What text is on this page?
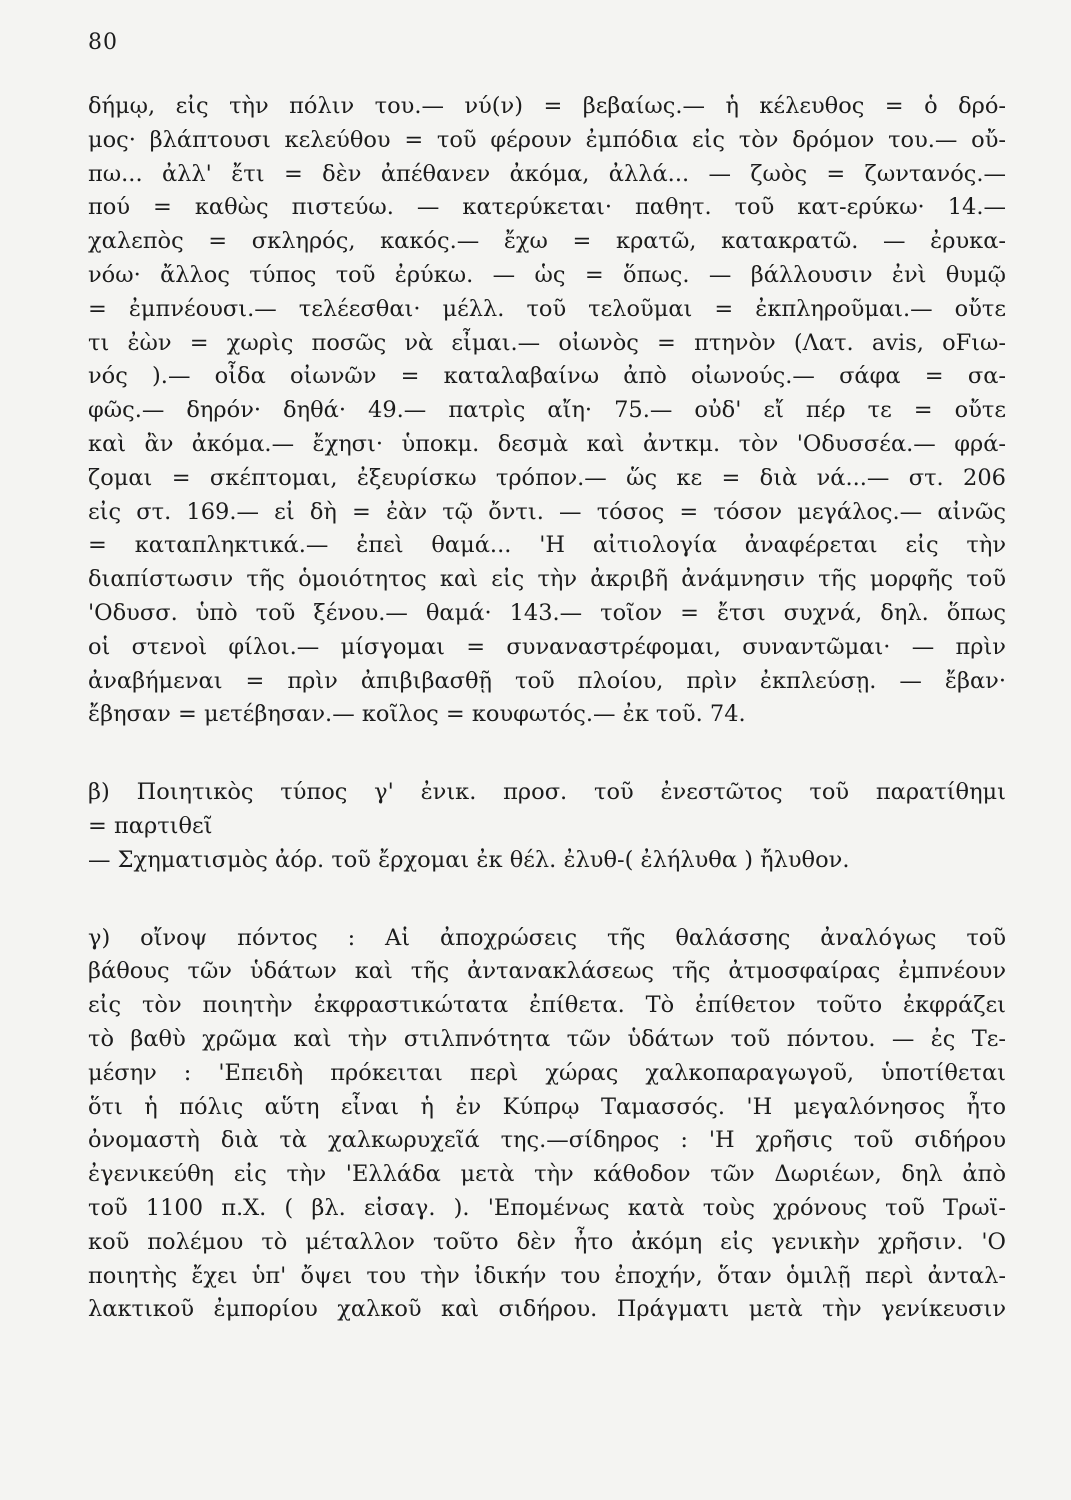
80
δήμῳ, εἰς τὴν πόλιν του.— νύ(ν) = βεβαίως.— ἡ κέλευθος = ὁ δρό-
μος· βλάπτουσι κελεύθου = τοῦ φέρουν ἐμπόδια εἰς τὸν δρόμον του.— οὔ-
πω... ἀλλ' ἔτι = δὲν ἀπέθανεν ἀκόμα, ἀλλά... — ζωὸς = ζωντανός.—
πού = καθὼς πιστεύω. — κατερύκεται· παθητ. τοῦ κατ-ερύκω· 14.—
χαλεπὸς = σκληρός, κακός.— ἔχω = κρατῶ, κατακρατῶ. — ἐρυκα-
νόω· ἄλλος τύπος τοῦ ἐρύκω. — ὡς = ὅπως. — βάλλουσιν ἐνὶ θυμῷ
= ἐμπνέουσι.— τελέεσθαι· μέλλ. τοῦ τελοῦμαι = ἐκπληροῦμαι.— οὔτε
τι ἐὼν = χωρὶς ποσῶς νὰ εἶμαι.— οἰωνὸς = πτηνὸν (Λατ. avis, oFιω-
νός ).— οἶδα οἰωνῶν = καταλαβαίνω ἀπὸ οἰωνούς.— σάφα = σα-
φῶς.— δηρόν· δηθά· 49.— πατρὶς αἴη· 75.— οὐδ' εἴ πέρ τε = οὔτε
καὶ ἂν ἀκόμα.— ἔχησι· ὑποκμ. δεσμὰ καὶ ἀντκμ. τὸν 'Οδυσσέα.— φρά-
ζομαι = σκέπτομαι, ἐξευρίσκω τρόπον.— ὥς κε = διὰ νά...— στ. 206
εἰς στ. 169.— εἰ δὴ = ἐὰν τῷ ὄντι. — τόσος = τόσον μεγάλος.— αἰνῶς
= καταπληκτικά.— ἐπεὶ θαμά... 'Η αἰτιολογία ἀναφέρεται εἰς τὴν
διαπίστωσιν τῆς ὁμοιότητος καὶ εἰς τὴν ἀκριβῆ ἀνάμνησιν τῆς μορφῆς τοῦ
'Οδυσσ. ὑπὸ τοῦ ξένου.— θαμά· 143.— τοῖον = ἔτσι συχνά, δηλ. ὅπως
οἱ στενοὶ φίλοι.— μίσγομαι = συναναστρέφομαι, συναντῶμαι· — πρὶν
ἀναβήμεναι = πρὶν ἀπιβιβασθῇ τοῦ πλοίου, πρὶν ἐκπλεύσῃ. — ἔβαν·
ἔβησαν = μετέβησαν.— κοῖλος = κουφωτός.— ἐκ τοῦ. 74.
β) Ποιητικὸς τύπος γ' ἐνικ. προσ. τοῦ ἐνεστῶτος τοῦ παρατίθημι
= παρτιθεῖ
— Σχηματισμὸς ἀόρ. τοῦ ἔρχομαι ἐκ θέλ. ἐλυθ-( ἐλήλυθα ) ἤλυθον.
γ) οἴνοψ πόντος : Αἱ ἀποχρώσεις τῆς θαλάσσης ἀναλόγως τοῦ
βάθους τῶν ὑδάτων καὶ τῆς ἀντανακλάσεως τῆς ἀτμοσφαίρας ἐμπνέουν
εἰς τὸν ποιητὴν ἐκφραστικώτατα ἐπίθετα. Τὸ ἐπίθετον τοῦτο ἐκφράζει
τὸ βαθὺ χρῶμα καὶ τὴν στιλπνότητα τῶν ὑδάτων τοῦ πόντου. — ἐς Τε-
μέσην : 'Επειδὴ πρόκειται περὶ χώρας χαλκοπαραγωγοῦ, ὑποτίθεται
ὅτι ἡ πόλις αὕτη εἶναι ἡ ἐν Κύπρῳ Ταμασσός. 'Η μεγαλόνησος ἦτο
ὀνομαστὴ διὰ τὰ χαλκωρυχεῖά της.—σίδηρος : 'Η χρῆσις τοῦ σιδήρου
ἐγενικεύθη εἰς τὴν 'Ελλάδα μετὰ τὴν κάθοδον τῶν Δωριέων, δηλ ἀπὸ
τοῦ 1100 π.Χ. ( βλ. εἰσαγ. ). 'Επομένως κατὰ τοὺς χρόνους τοῦ Τρωϊ-
κοῦ πολέμου τὸ μέταλλον τοῦτο δὲν ἦτο ἀκόμη εἰς γενικὴν χρῆσιν. 'Ο
ποιητὴς ἔχει ὑπ' ὄψει του τὴν ἰδικήν του ἐποχήν, ὅταν ὁμιλῇ περὶ ἀνταλ-
λακτικοῦ ἐμπορίου χαλκοῦ καὶ σιδήρου. Πράγματι μετὰ τὴν γενίκευσιν
